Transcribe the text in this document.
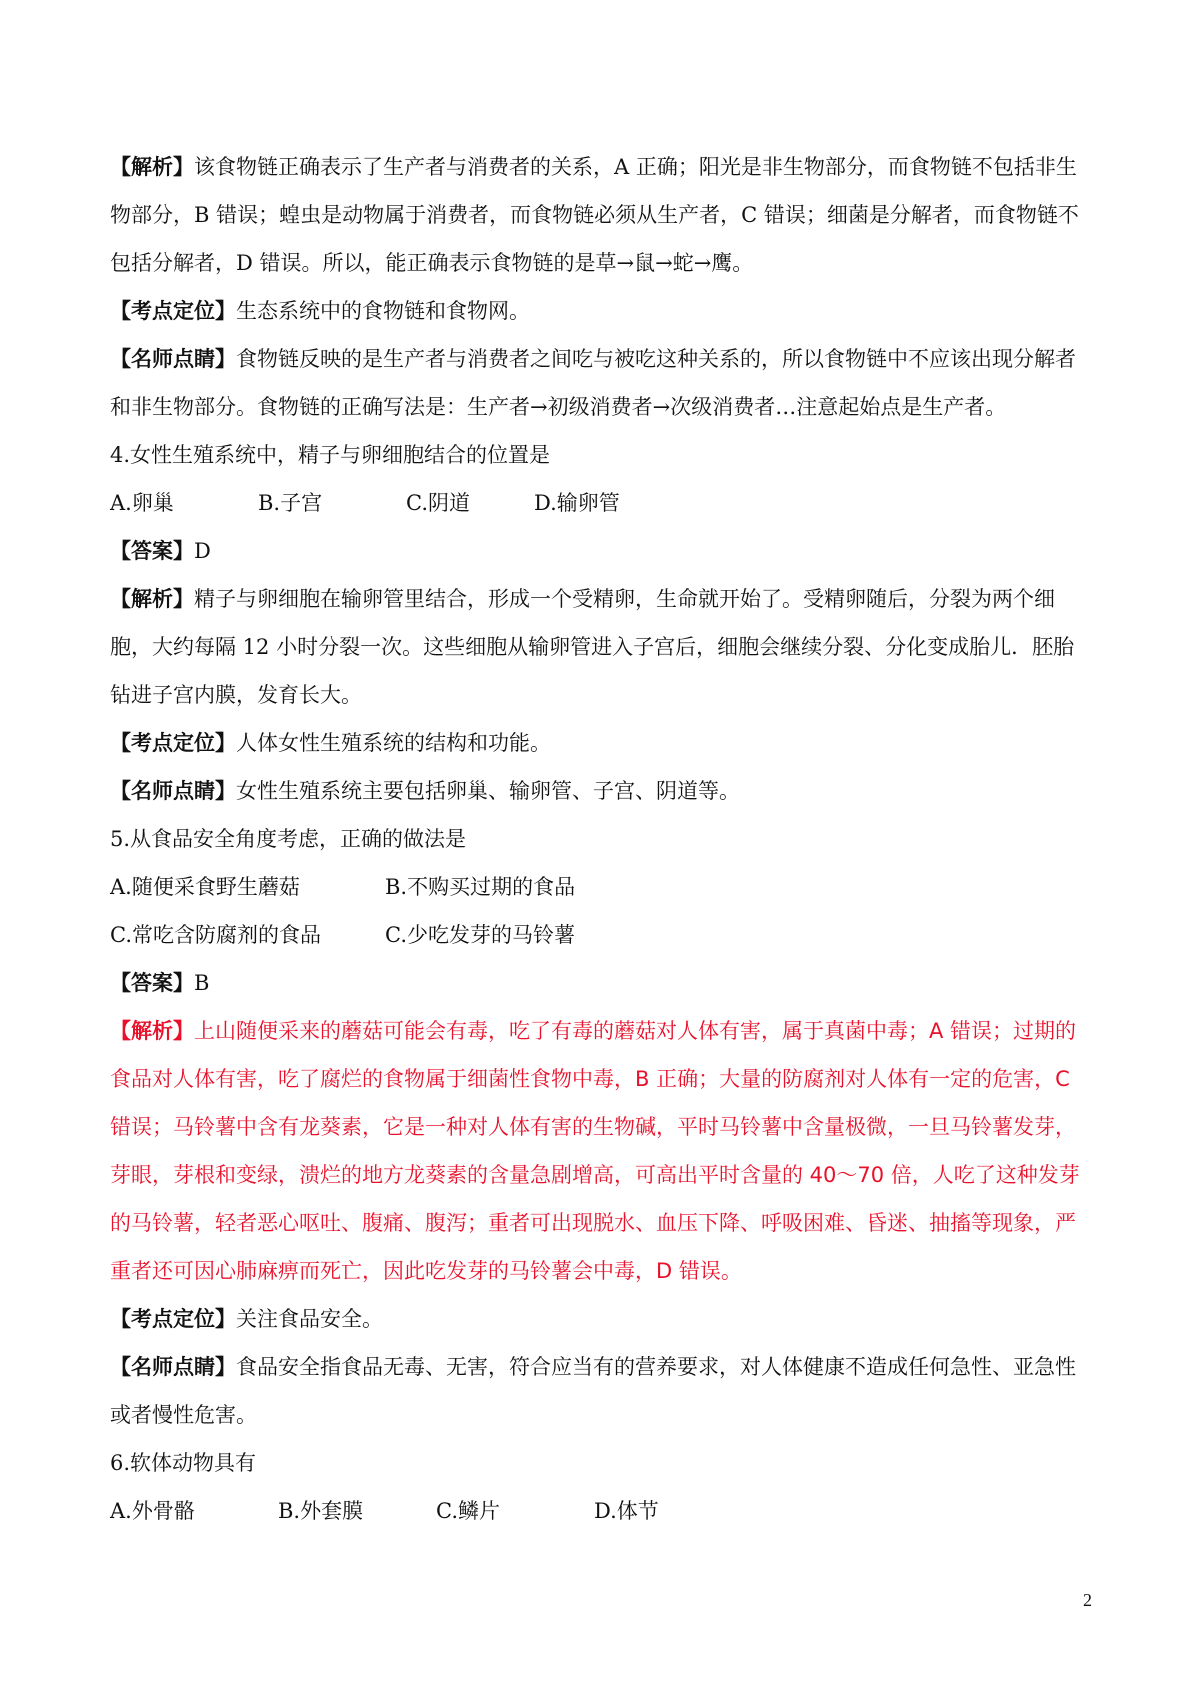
【解析】该食物链正确表示了生产者与消费者的关系，A 正确；阳光是非生物部分，而食物链不包括非生物部分，B 错误；蝗虫是动物属于消费者，而食物链必须从生产者，C 错误；细菌是分解者，而食物链不包括分解者，D 错误。所以，能正确表示食物链的是草→鼠→蛇→鹰。

【考点定位】生态系统中的食物链和食物网。

【名师点睛】食物链反映的是生产者与消费者之间吃与被吃这种关系的，所以食物链中不应该出现分解者和非生物部分。食物链的正确写法是：生产者→初级消费者→次级消费者…注意起始点是生产者。

4.女性生殖系统中，精子与卵细胞结合的位置是

A.卵巢	B.子宫	C.阴道	D.输卵管

【答案】D

【解析】精子与卵细胞在输卵管里结合，形成一个受精卵，生命就开始了。受精卵随后，分裂为两个细胞，大约每隔 12 小时分裂一次。这些细胞从输卵管进入子宫后，细胞会继续分裂、分化变成胎儿．胚胎钻进子宫内膜，发育长大。

【考点定位】人体女性生殖系统的结构和功能。

【名师点睛】女性生殖系统主要包括卵巢、输卵管、子宫、阴道等。

5.从食品安全角度考虑，正确的做法是

A.随便采食野生蘑菇	B.不购买过期的食品
C.常吃含防腐剂的食品	C.少吃发芽的马铃薯

【答案】B

【解析】上山随便采来的蘑菇可能会有毒，吃了有毒的蘑菇对人体有害，属于真菌中毒；A 错误；过期的食品对人体有害，吃了腐烂的食物属于细菌性食物中毒，B 正确；大量的防腐剂对人体有一定的危害，C 错误；马铃薯中含有龙葵素，它是一种对人体有害的生物碱，平时马铃薯中含量极微，一旦马铃薯发芽，芽眼，芽根和变绿，溃烂的地方龙葵素的含量急剧增高，可高出平时含量的 40～70 倍，人吃了这种发芽的马铃薯，轻者恶心呕吐、腹痛、腹泻；重者可出现脱水、血压下降、呼吸困难、昏迷、抽搐等现象，严重者还可因心肺麻痹而死亡，因此吃发芽的马铃薯会中毒，D 错误。

【考点定位】关注食品安全。

【名师点睛】食品安全指食品无毒、无害，符合应当有的营养要求，对人体健康不造成任何急性、亚急性或者慢性危害。

6.软体动物具有

A.外骨骼	B.外套膜	C.鳞片	D.体节
2
